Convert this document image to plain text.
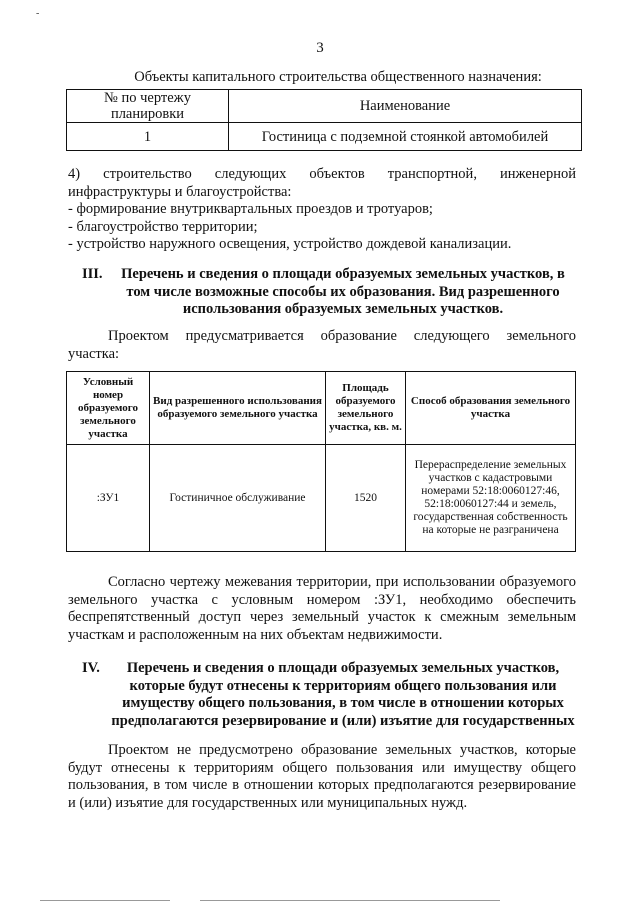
-
3
Объекты капитального строительства общественного назначения:
№ по чертежу планировки	Наименование
1	Гостиница с подземной стоянкой автомобилей
4) строительство следующих объектов транспортной, инженерной
инфраструктуры и благоустройства:
- формирование внутриквартальных проездов и тротуаров;
- благоустройство территории;
- устройство наружного освещения, устройство дождевой канализации.
III.	Перечень и сведения о площади образуемых земельных участков, в
том числе возможные способы их образования. Вид разрешенного
использования образуемых земельных участков.
Проектом предусматривается образование следующего земельного
участка:
Условный номер образуемого земельного участка	Вид разрешенного использования образуемого земельного участка	Площадь образуемого земельного участка, кв. м.	Способ образования земельного участка
:ЗУ1	Гостиничное обслуживание	1520	Перераспределение земельных участков с кадастровыми номерами 52:18:0060127:46, 52:18:0060127:44 и земель, государственная собственность на которые не разграничена
Согласно чертежу межевания территории, при использовании образуемого
земельного участка с условным номером :ЗУ1, необходимо обеспечить
беспрепятственный доступ через земельный участок к смежным земельным
участкам и расположенным на них объектам недвижимости.
IV.	Перечень и сведения о площади образуемых земельных участков,
которые будут отнесены к территориям общего пользования или
имуществу общего пользования, в том числе в отношении которых
предполагаются резервирование и (или) изъятие для государственных
Проектом не предусмотрено образование земельных участков, которые
будут отнесены к территориям общего пользования или имуществу общего
пользования, в том числе в отношении которых предполагаются резервирование
и (или) изъятие для государственных или муниципальных нужд.
